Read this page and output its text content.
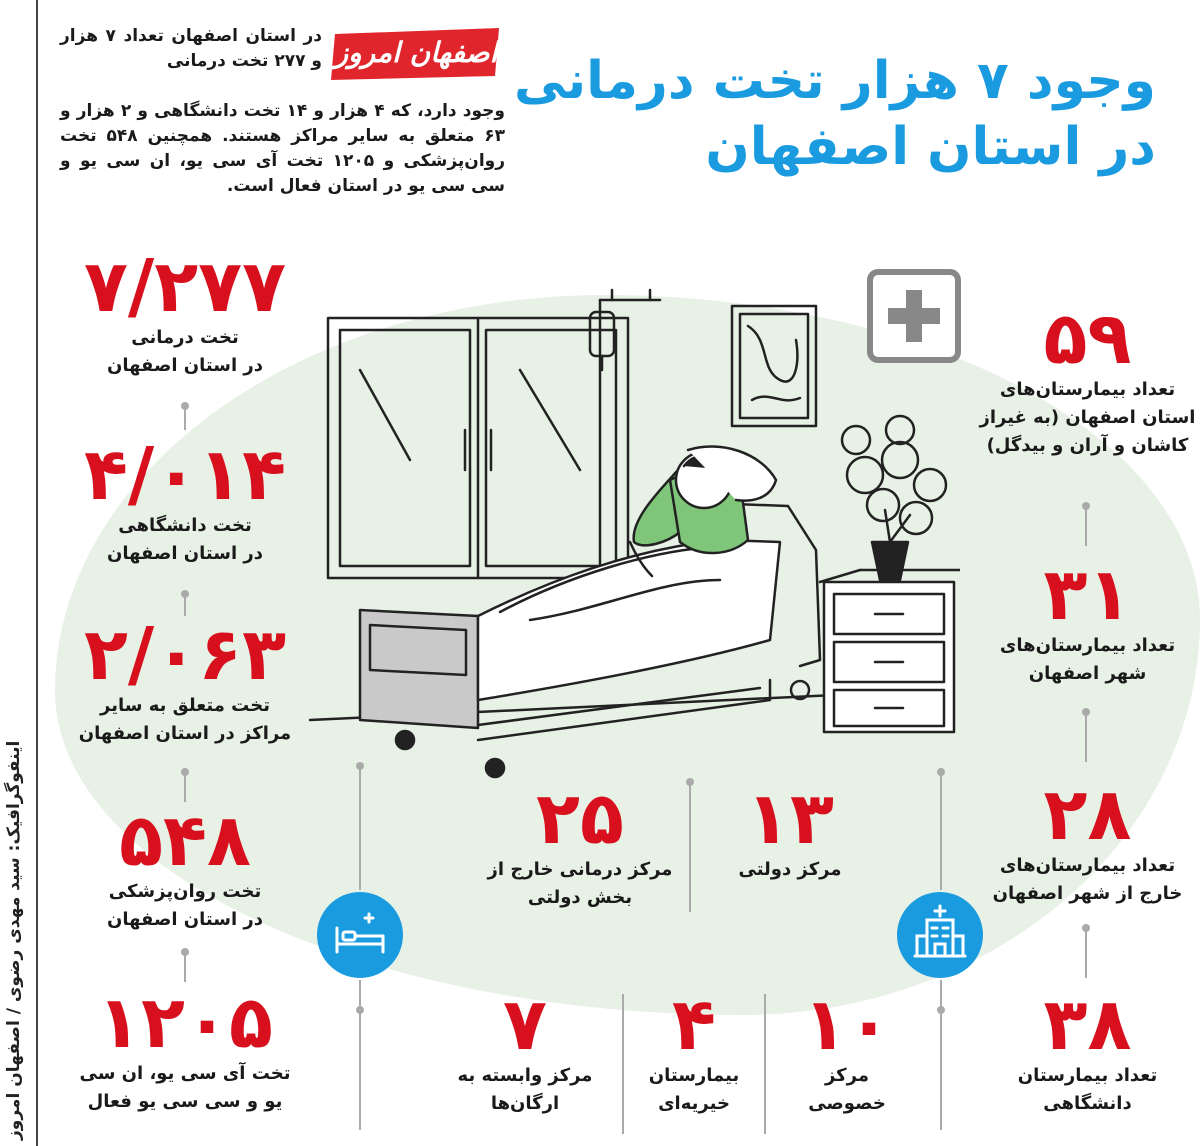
اینفوگرافیک: سید مهدی رضوی / اصفهان امروز
وجود ۷ هزار تخت درمانی
در استان اصفهان
اصفهان امروز
در استان اصفهان تعداد ۷ هزار و ۲۷۷ تخت درمانی
وجود دارد، که ۴ هزار و ۱۴ تخت دانشگاهی و ۲ هزار و ۶۳ متعلق به سایر مراکز هستند. همچنین ۵۴۸ تخت روان‌پزشکی و ۱۲۰۵ تخت آی سی یو، ان سی یو و سی سی یو در استان فعال است.
۷/۲۷۷
تخت درمانی
در استان اصفهان
۴/۰۱۴
تخت دانشگاهی
در استان اصفهان
۲/۰۶۳
تخت متعلق به سایر
مراکز در استان اصفهان
۵۴۸
تخت روان‌پزشکی
در استان اصفهان
۱۲۰۵
تخت آی سی یو، ان سی
یو و سی سی یو فعال
۵۹
تعداد بیمارستان‌های
استان اصفهان (به غیراز
کاشان و آران و بیدگل)
۳۱
تعداد بیمارستان‌های
شهر اصفهان
۲۸
تعداد بیمارستان‌های
خارج از شهر اصفهان
۳۸
تعداد بیمارستان
دانشگاهی
۲۵
مرکز درمانی خارج از
بخش دولتی
۱۳
مرکز دولتی
۷
مرکز وابسته به
ارگان‌ها
۴
بیمارستان
خیریه‌ای
۱۰
مرکز
خصوصی
